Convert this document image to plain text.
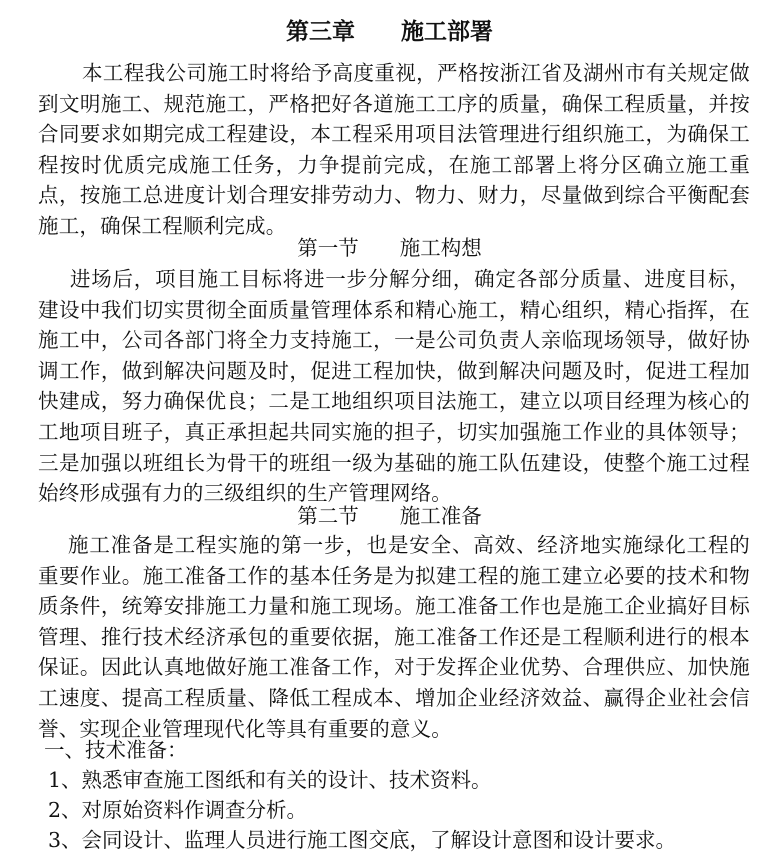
第三章　　施工部署
本工程我公司施工时将给予高度重视，严格按浙江省及湖州市有关规定做到文明施工、规范施工，严格把好各道施工工序的质量，确保工程质量，并按合同要求如期完成工程建设，本工程采用项目法管理进行组织施工，为确保工程按时优质完成施工任务，力争提前完成，在施工部署上将分区确立施工重点，按施工总进度计划合理安排劳动力、物力、财力，尽量做到综合平衡配套施工，确保工程顺利完成。
第一节　　施工构想
进场后，项目施工目标将进一步分解分细，确定各部分质量、进度目标，建设中我们切实贯彻全面质量管理体系和精心施工，精心组织，精心指挥，在施工中，公司各部门将全力支持施工，一是公司负责人亲临现场领导，做好协调工作，做到解决问题及时，促进工程加快，做到解决问题及时，促进工程加快建成，努力确保优良；二是工地组织项目法施工，建立以项目经理为核心的工地项目班子，真正承担起共同实施的担子，切实加强施工作业的具体领导；三是加强以班组长为骨干的班组一级为基础的施工队伍建设，使整个施工过程始终形成强有力的三级组织的生产管理网络。
第二节　　施工准备
施工准备是工程实施的第一步，也是安全、高效、经济地实施绿化工程的重要作业。施工准备工作的基本任务是为拟建工程的施工建立必要的技术和物质条件，统筹安排施工力量和施工现场。施工准备工作也是施工企业搞好目标管理、推行技术经济承包的重要依据，施工准备工作还是工程顺利进行的根本保证。因此认真地做好施工准备工作，对于发挥企业优势、合理供应、加快施工速度、提高工程质量、降低工程成本、增加企业经济效益、赢得企业社会信誉、实现企业管理现代化等具有重要的意义。
一、技术准备：
1、熟悉审查施工图纸和有关的设计、技术资料。
2、对原始资料作调查分析。
3、会同设计、监理人员进行施工图交底，了解设计意图和设计要求。
